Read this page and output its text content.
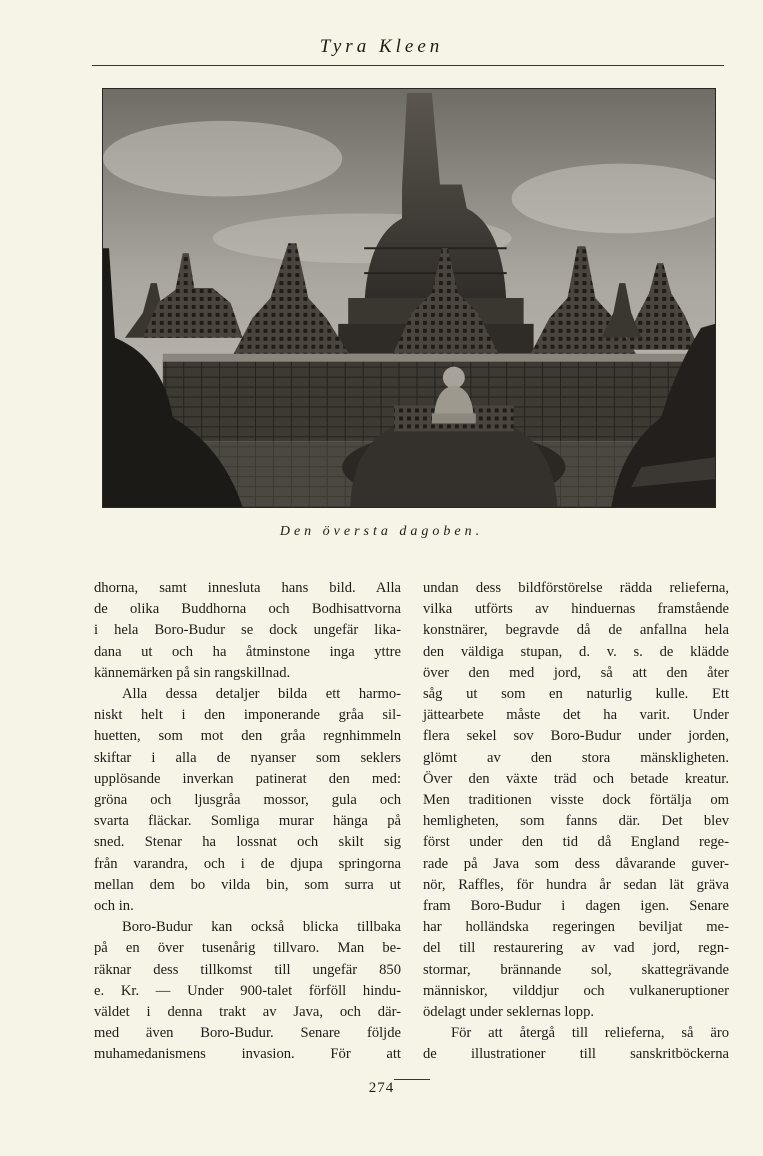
Tyra Kleen
Den översta dagoben.

dhorna, samt innesluta hans bild. Alla
de olika Buddhorna och Bodhisattvorna
i hela Boro-Budur se dock ungefär lika-
dana ut och ha åtminstone inga yttre
kännemärken på sin rangskillnad.

Alla dessa detaljer bilda ett harmo-
niskt helt i den imponerande gråa sil-
huetten, som mot den gråa regnhimmeln
skiftar i alla de nyanser som seklers
upplösande inverkan patinerat den med:
gröna och ljusgråa mossor, gula och
svarta fläckar. Somliga murar hänga på
sned. Stenar ha lossnat och skilt sig
från varandra, och i de djupa springorna
mellan dem bo vilda bin, som surra ut
och in.

Boro-Budur kan också blicka tillbaka
på en över tusenårig tillvaro. Man be-
räknar dess tillkomst till ungefär 850
e. Kr. — Under 900-talet förföll hindu-
väldet i denna trakt av Java, och där-
med även Boro-Budur. Senare följde
muhamedanismens invasion. För att

undan dess bildförstörelse räddа relieferna,
vilka utförts av hinduernas framstående
konstnärer, begravde då de anfallna hela
den väldiga stupan, d. v. s. de klädde
över den med jord, så att den åter
såg ut som en naturlig kulle. Ett
jättearbete måste det ha varit. Under
flera sekel sov Boro-Budur under jorden,
glömt av den stora mänskligheten.
Över den växte träd och betade kreatur.
Men traditionen visste dock förtälja om
hemligheten, som fanns där. Det blev
först under den tid då England rege-
rade på Java som dess dåvarande guver-
nör, Raffles, för hundra år sedan lät gräva
fram Boro-Budur i dagen igen. Senare
har holländska regeringen beviljat me-
del till restaurering av vad jord, regn-
stormar, brännande sol, skattegrävande
människor, vilddjur och vulkaneruptioner
ödelagt under seklernas lopp.

För att återgå till relieferna, så äro
de illustrationer till sanskritböckerna

274
